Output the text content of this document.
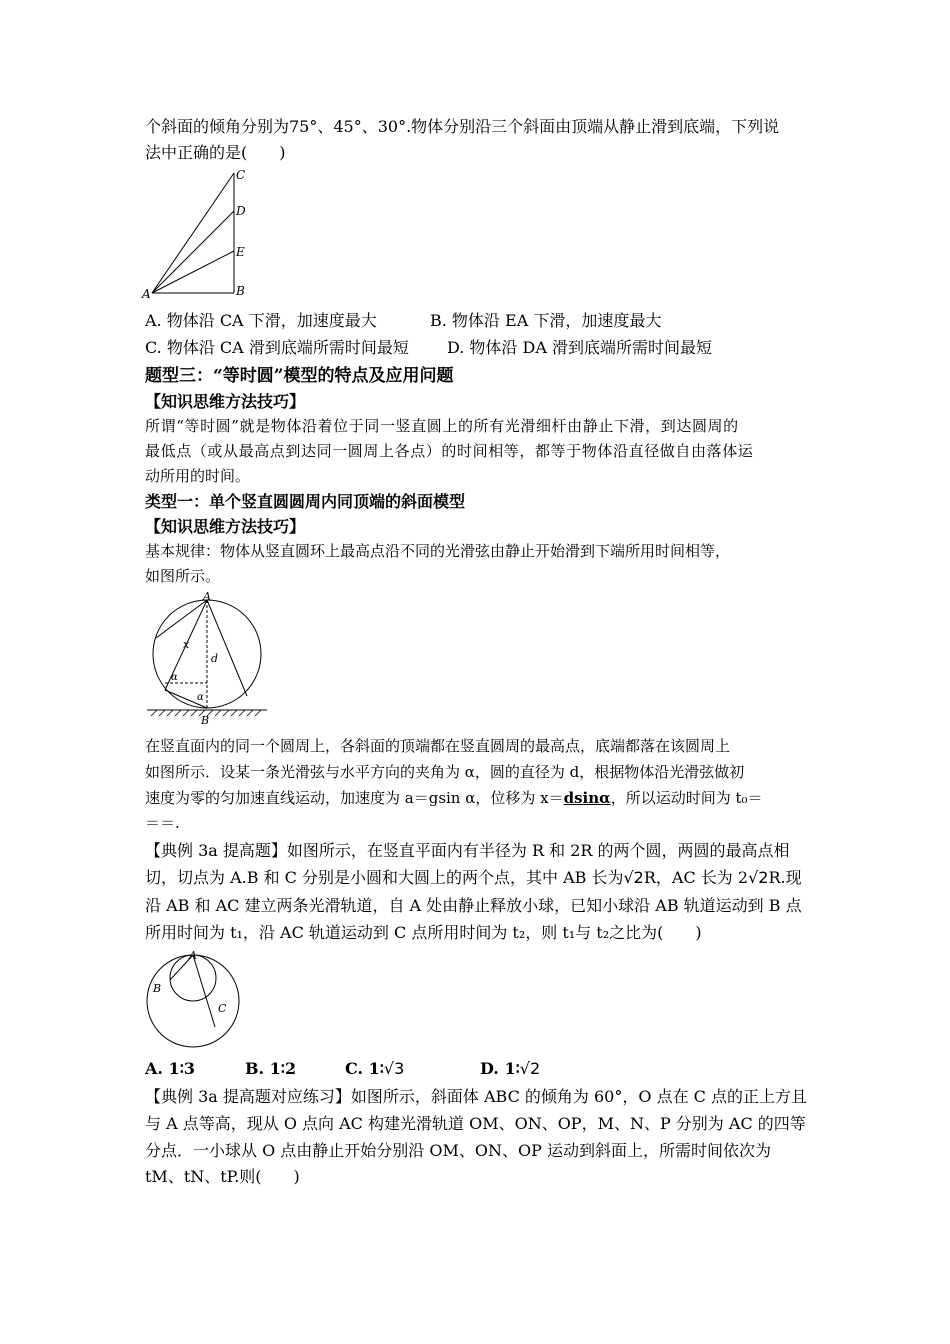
个斜面的倾角分别为75°、45°、30°.物体分别沿三个斜面由顶端从静止滑到底端，下列说
法中正确的是(　　)
C
D
E
B
A
A. 物体沿 CA 下滑，加速度最大	B. 物体沿 EA 下滑，加速度最大
C. 物体沿 CA 滑到底端所需时间最短 D. 物体沿 DA 滑到底端所需时间最短
题型三：“等时圆”模型的特点及应用问题
【知识思维方法技巧】
所谓“等时圆”就是物体沿着位于同一竖直圆上的所有光滑细杆由静止下滑，到达圆周的
最低点（或从最高点到达同一圆周上各点）的时间相等，都等于物体沿直径做自由落体运
动所用的时间。
类型一：单个竖直圆圆周内同顶端的斜面模型
【知识思维方法技巧】
基本规律：物体从竖直圆环上最高点沿不同的光滑弦由静止开始滑到下端所用时间相等，
如图所示。
A
B
x
d
α
α
在竖直面内的同一个圆周上，各斜面的顶端都在竖直圆周的最高点，底端都落在该圆周上
如图所示．设某一条光滑弦与水平方向的夹角为 α，圆的直径为 d，根据物体沿光滑弦做初
速度为零的匀加速直线运动，加速度为 a＝gsin α，位移为 x＝dsinα，所以运动时间为 t₀＝
＝＝.
【典例 3a 提高题】如图所示，在竖直平面内有半径为 R 和 2R 的两个圆，两圆的最高点相
切，切点为 A.B 和 C 分别是小圆和大圆上的两个点，其中 AB 长为√2R，AC 长为 2√2R.现
沿 AB 和 AC 建立两条光滑轨道，自 A 处由静止释放小球，已知小球沿 AB 轨道运动到 B 点
所用时间为 t₁，沿 AC 轨道运动到 C 点所用时间为 t₂，则 t₁与 t₂之比为(　　)
A
B
C
A. 1∶3	B. 1∶2	C. 1∶√3	D. 1∶√2
【典例 3a 提高题对应练习】如图所示，斜面体 ABC 的倾角为 60°，O 点在 C 点的正上方且
与 A 点等高，现从 O 点向 AC 构建光滑轨道 OM、ON、OP，M、N、P 分别为 AC 的四等
分点．一小球从 O 点由静止开始分别沿 OM、ON、OP 运动到斜面上，所需时间依次为
tM、tN、tP.则(　　)
